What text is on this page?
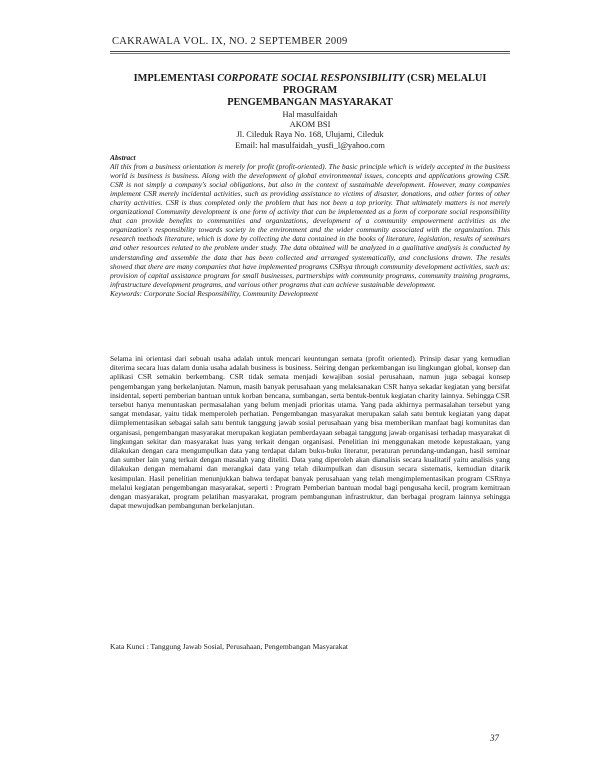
CAKRAWALA VOL. IX, NO. 2 SEPTEMBER 2009
IMPLEMENTASI CORPORATE SOCIAL RESPONSIBILITY (CSR) MELALUI PROGRAM
PENGEMBANGAN MASYARAKAT
Hal masulfaidah
AKOM BSI
Jl. Cileduk Raya No. 168, Ulujami, Cileduk
Email: hal masulfaidah_yusfi_l@yahoo.com

Abstract

All this from a business orientation is merely for profit (profit-oriented). The basic principle which is widely accepted in the business world is business is business. Along with the development of global environmental issues, concepts and applications growing CSR. CSR is not simply a company's social obligations, but also in the context of sustainable development. However, many companies implement CSR merely incidental activities, such as providing assistance to victims of disaster, donations, and other forms of other charity activities. CSR is thus completed only the problem that has not been a top priority. That ultimately matters is not merely organizational Community development is one form of activity that can be implemented as a form of corporate social responsibility that can provide benefits to communities and organizations, development of a community empowerment activities as the organization's responsibility towards society in the environment and the wider community associated with the organization. This research methods literature, which is done by collecting the data contained in the books of literature, legislation, results of seminars and other resources related to the problem under study. The data obtained will be analyzed in a qualitative analysis is conducted by understanding and assemble the data that has been collected and arranged systematically, and conclusions drawn. The results showed that there are many companies that have implemented programs CSRsya through community development activities, such as: provision of capital assistance program for small businesses, partnerships with community programs, community training programs, infrastructure development programs, and various other programs that can achieve sustainable development.

Keywords: Corporate Social Responsibility, Community Development

Selama ini orientasi dari sebuah usaha adalah untuk mencari keuntungan semata (profit oriented). Prinsip dasar yang kemudian diterima secara luas dalam dunia usaha adalah business is business. Seiring dengan perkembangan isu lingkungan global, konsep dan aplikasi CSR semakin berkembang. CSR tidak semata menjadi kewajiban sosial perusahaan, namun juga sebagai konsep pengembangan yang berkelanjutan. Namun, masih banyak perusahaan yang melaksanakan CSR hanya sekadar kegiatan yang bersifat insidental, seperti pemberian bantuan untuk korban bencana, sumbangan, serta bentuk-bentuk kegiatan charity lainnya. Sehingga CSR tersebut hanya menuntaskan permasalahan yang belum menjadi prioritas utama. Yang pada akhirnya permasalahan tersebut yang sangat mendasar, yaitu tidak memperoleh perhatian. Pengembangan masyarakat merupakan salah satu bentuk kegiatan yang dapat diimplementasikan sebagai salah satu bentuk tanggung jawab sosial perusahaan yang bisa memberikan manfaat bagi komunitas dan organisasi, pengembangan masyarakat merupakan kegiatan pemberdayaan sebagai tanggung jawab organisasi terhadap masyarakat di lingkungan sekitar dan masyarakat luas yang terkait dengan organisasi. Penelitian ini menggunakan metode kepustakaan, yang dilakukan dengan cara mengumpulkan data yang terdapat dalam buku-buku literatur, peraturan perundang-undangan, hasil seminar dan sumber lain yang terkait dengan masalah yang diteliti. Data yang diperoleh akan dianalisis secara kualitatif yaitu analisis yang dilakukan dengan memahami dan merangkai data yang telah dikumpulkan dan disusun secara sistematis, kemudian ditarik kesimpulan. Hasil penelitian menunjukkan bahwa terdapat banyak perusahaan yang telah mengimplementasikan program CSRnya melalui kegiatan pengembangan masyarakat, seperti : Program Pemberian bantuan modal bagi pengusaha kecil, program kemitraan dengan masyarakat, program pelatihan masyarakat, program pembangunan infrastruktur, dan berbagai program lainnya sehingga dapat mewujudkan pembangunan berkelanjutan.

Kata Kunci : Tanggung Jawab Sosial, Perusahaan, Pengembangan Masyarakat
37
